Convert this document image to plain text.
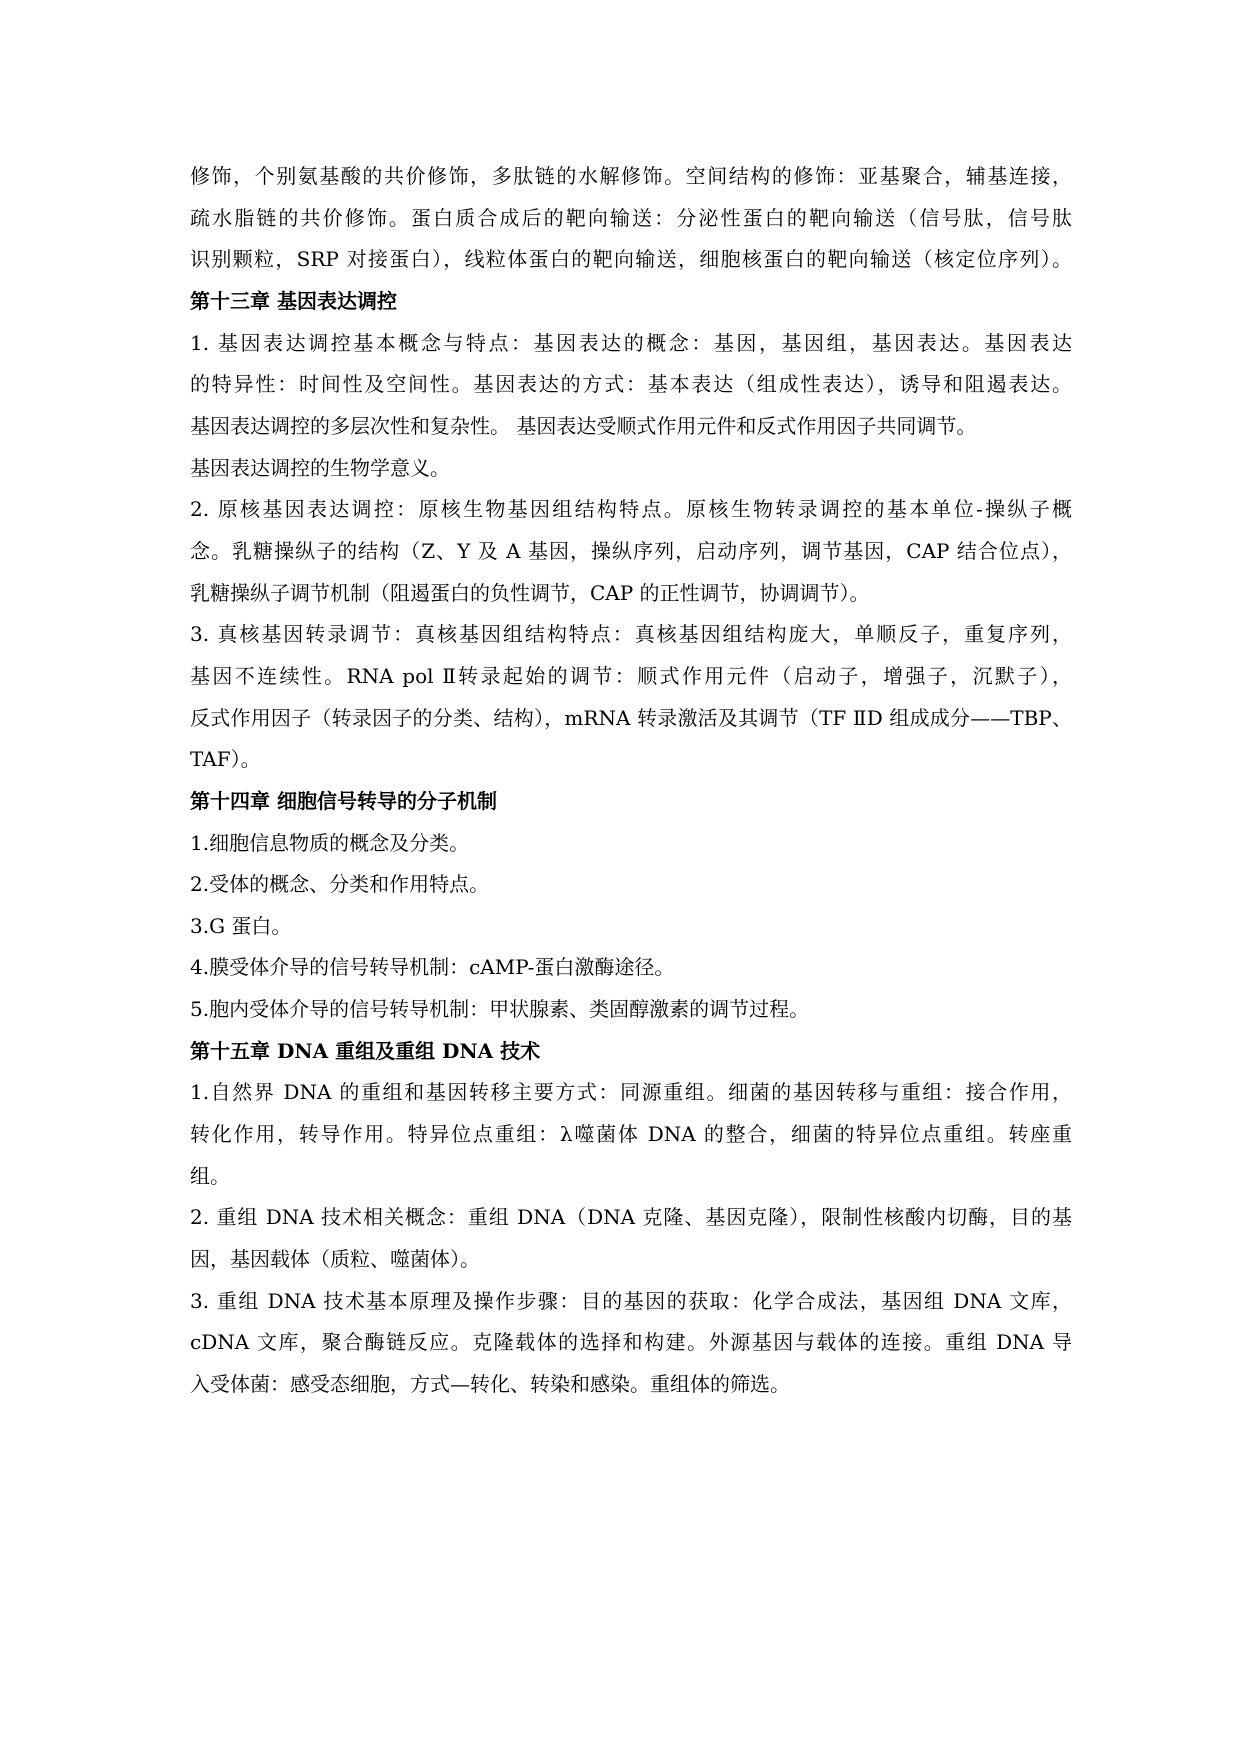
修饰，个别氨基酸的共价修饰，多肽链的水解修饰。空间结构的修饰：亚基聚合，辅基连接，
疏水脂链的共价修饰。蛋白质合成后的靶向输送：分泌性蛋白的靶向输送（信号肽，信号肽
识别颗粒，SRP 对接蛋白），线粒体蛋白的靶向输送，细胞核蛋白的靶向输送（核定位序列）。
第十三章 基因表达调控
1. 基因表达调控基本概念与特点：基因表达的概念：基因，基因组，基因表达。基因表达
的特异性：时间性及空间性。基因表达的方式：基本表达（组成性表达），诱导和阻遏表达。
基因表达调控的多层次性和复杂性。 基因表达受顺式作用元件和反式作用因子共同调节。
基因表达调控的生物学意义。
2. 原核基因表达调控：原核生物基因组结构特点。原核生物转录调控的基本单位-操纵子概
念。乳糖操纵子的结构（Z、Y 及 A 基因，操纵序列，启动序列，调节基因，CAP 结合位点），
乳糖操纵子调节机制（阻遏蛋白的负性调节，CAP 的正性调节，协调调节）。
3. 真核基因转录调节：真核基因组结构特点：真核基因组结构庞大，单顺反子，重复序列，
基因不连续性。RNA pol Ⅱ转录起始的调节：顺式作用元件（启动子，增强子，沉默子），
反式作用因子（转录因子的分类、结构），mRNA 转录激活及其调节（TF ⅡD 组成成分——TBP、
TAF）。
第十四章 细胞信号转导的分子机制
1.细胞信息物质的概念及分类。
2.受体的概念、分类和作用特点。
3.G 蛋白。
4.膜受体介导的信号转导机制：cAMP-蛋白激酶途径。
5.胞内受体介导的信号转导机制：甲状腺素、类固醇激素的调节过程。
第十五章 DNA 重组及重组 DNA 技术
1.自然界 DNA 的重组和基因转移主要方式：同源重组。细菌的基因转移与重组：接合作用，
转化作用，转导作用。特异位点重组：λ噬菌体 DNA 的整合，细菌的特异位点重组。转座重
组。
2. 重组 DNA 技术相关概念：重组 DNA（DNA 克隆、基因克隆），限制性核酸内切酶，目的基
因，基因载体（质粒、噬菌体）。
3. 重组 DNA 技术基本原理及操作步骤：目的基因的获取：化学合成法，基因组 DNA 文库，
cDNA 文库，聚合酶链反应。克隆载体的选择和构建。外源基因与载体的连接。重组 DNA 导
入受体菌：感受态细胞，方式—转化、转染和感染。重组体的筛选。
